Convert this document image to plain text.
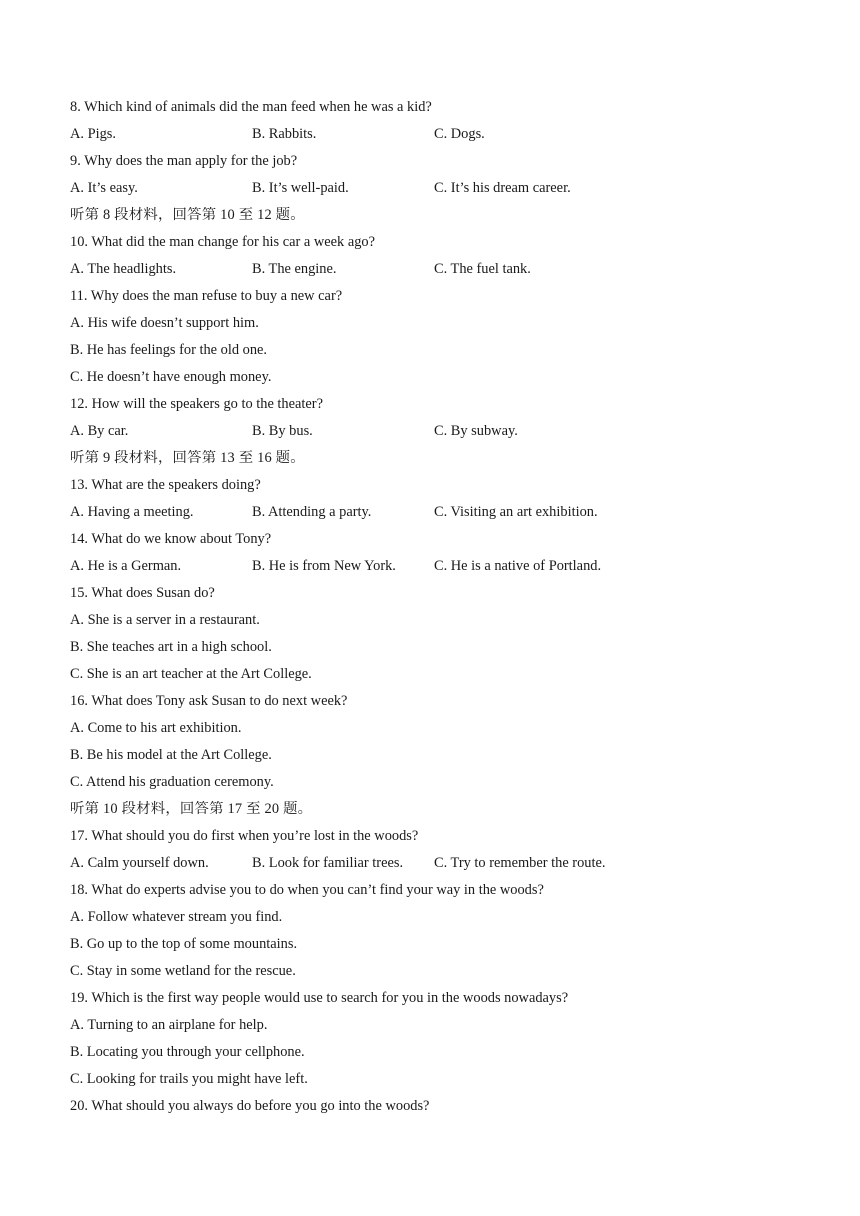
8. Which kind of animals did the man feed when he was a kid?
A. Pigs.	B. Rabbits.	C. Dogs.
9. Why does the man apply for the job?
A. It’s easy.	B. It’s well-paid.	C. It’s his dream career.
听第 8 段材料，回答第 10 至 12 题。
10. What did the man change for his car a week ago?
A. The headlights.	B. The engine.	C. The fuel tank.
11. Why does the man refuse to buy a new car?
A. His wife doesn’t support him.
B. He has feelings for the old one.
C. He doesn’t have enough money.
12. How will the speakers go to the theater?
A. By car.	B. By bus.	C. By subway.
听第 9 段材料，回答第 13 至 16 题。
13. What are the speakers doing?
A. Having a meeting.	B. Attending a party.	C. Visiting an art exhibition.
14. What do we know about Tony?
A. He is a German.	B. He is from New York.	C. He is a native of Portland.
15. What does Susan do?
A. She is a server in a restaurant.
B. She teaches art in a high school.
C. She is an art teacher at the Art College.
16. What does Tony ask Susan to do next week?
A. Come to his art exhibition.
B. Be his model at the Art College.
C. Attend his graduation ceremony.
听第 10 段材料，回答第 17 至 20 题。
17. What should you do first when you’re lost in the woods?
A. Calm yourself down.	B. Look for familiar trees.	C. Try to remember the route.
18. What do experts advise you to do when you can’t find your way in the woods?
A. Follow whatever stream you find.
B. Go up to the top of some mountains.
C. Stay in some wetland for the rescue.
19. Which is the first way people would use to search for you in the woods nowadays?
A. Turning to an airplane for help.
B. Locating you through your cellphone.
C. Looking for trails you might have left.
20. What should you always do before you go into the woods?
